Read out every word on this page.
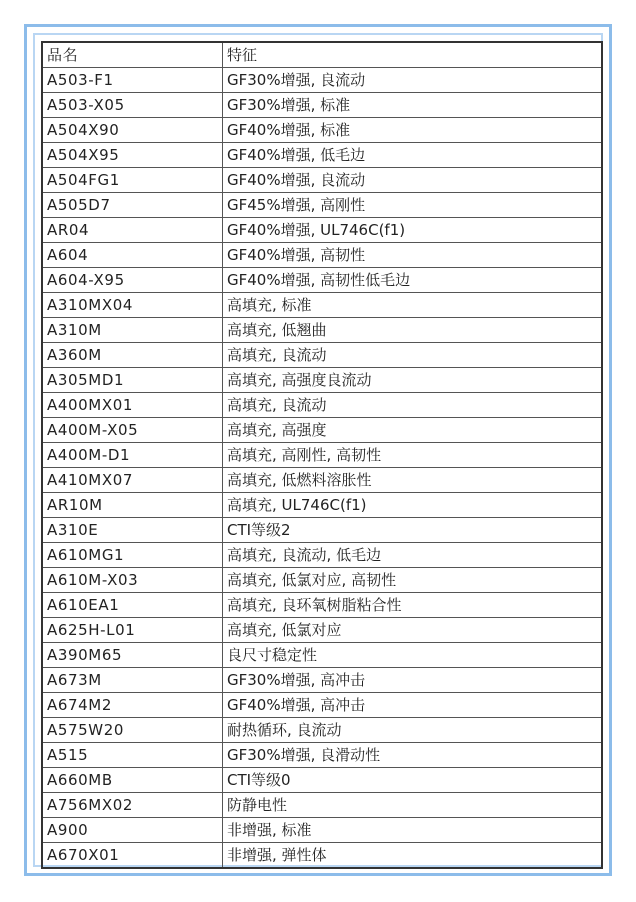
品名	特征
A503-F1	GF30%增强, 良流动
A503-X05	GF30%增强, 标准
A504X90	GF40%增强, 标准
A504X95	GF40%增强, 低毛边
A504FG1	GF40%增强, 良流动
A505D7	GF45%增强, 高刚性
AR04	GF40%增强, UL746C(f1)
A604	GF40%增强, 高韧性
A604-X95	GF40%增强, 高韧性低毛边
A310MX04	高填充, 标准
A310M	高填充, 低翘曲
A360M	高填充, 良流动
A305MD1	高填充, 高强度良流动
A400MX01	高填充, 良流动
A400M-X05	高填充, 高强度
A400M-D1	高填充, 高刚性, 高韧性
A410MX07	高填充, 低燃料溶胀性
AR10M	高填充, UL746C(f1)
A310E	CTI等级2
A610MG1	高填充, 良流动, 低毛边
A610M-X03	高填充, 低氯对应, 高韧性
A610EA1	高填充, 良环氧树脂粘合性
A625H-L01	高填充, 低氯对应
A390M65	良尺寸稳定性
A673M	GF30%增强, 高冲击
A674M2	GF40%增强, 高冲击
A575W20	耐热循环, 良流动
A515	GF30%增强, 良滑动性
A660MB	CTI等级0
A756MX02	防静电性
A900	非增强, 标准
A670X01	非增强, 弹性体
